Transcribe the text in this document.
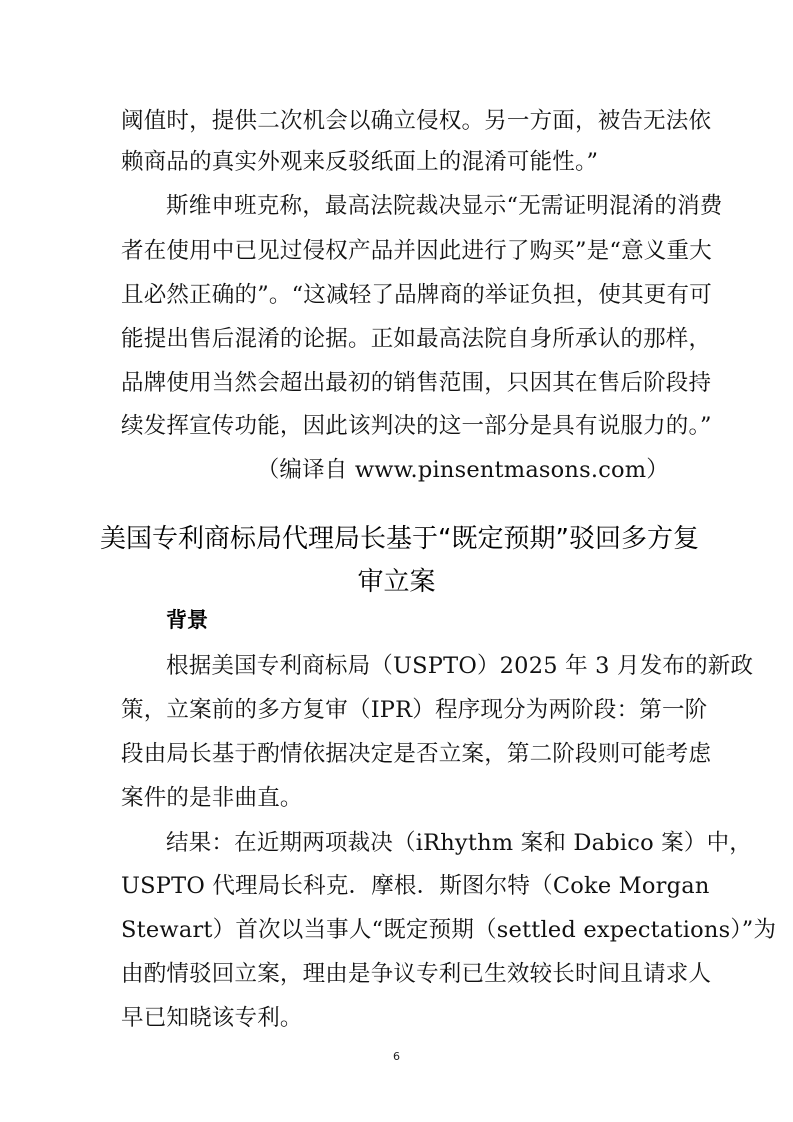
阈值时，提供二次机会以确立侵权。另一方面，被告无法依
赖商品的真实外观来反驳纸面上的混淆可能性。”
斯维申班克称，最高法院裁决显示“无需证明混淆的消费
者在使用中已见过侵权产品并因此进行了购买”是“意义重大
且必然正确的”。“这减轻了品牌商的举证负担，使其更有可
能提出售后混淆的论据。正如最高法院自身所承认的那样，
品牌使用当然会超出最初的销售范围，只因其在售后阶段持
续发挥宣传功能，因此该判决的这一部分是具有说服力的。”
（编译自 www.pinsentmasons.com）
美国专利商标局代理局长基于“既定预期”驳回多方复
审立案
背景
根据美国专利商标局（USPTO）2025 年 3 月发布的新政
策，立案前的多方复审（IPR）程序现分为两阶段：第一阶
段由局长基于酌情依据决定是否立案，第二阶段则可能考虑
案件的是非曲直。
结果：在近期两项裁决（iRhythm 案和 Dabico 案）中，
USPTO 代理局长科克．摩根．斯图尔特（Coke Morgan
Stewart）首次以当事人“既定预期（settled expectations）”为
由酌情驳回立案，理由是争议专利已生效较长时间且请求人
早已知晓该专利。
6
